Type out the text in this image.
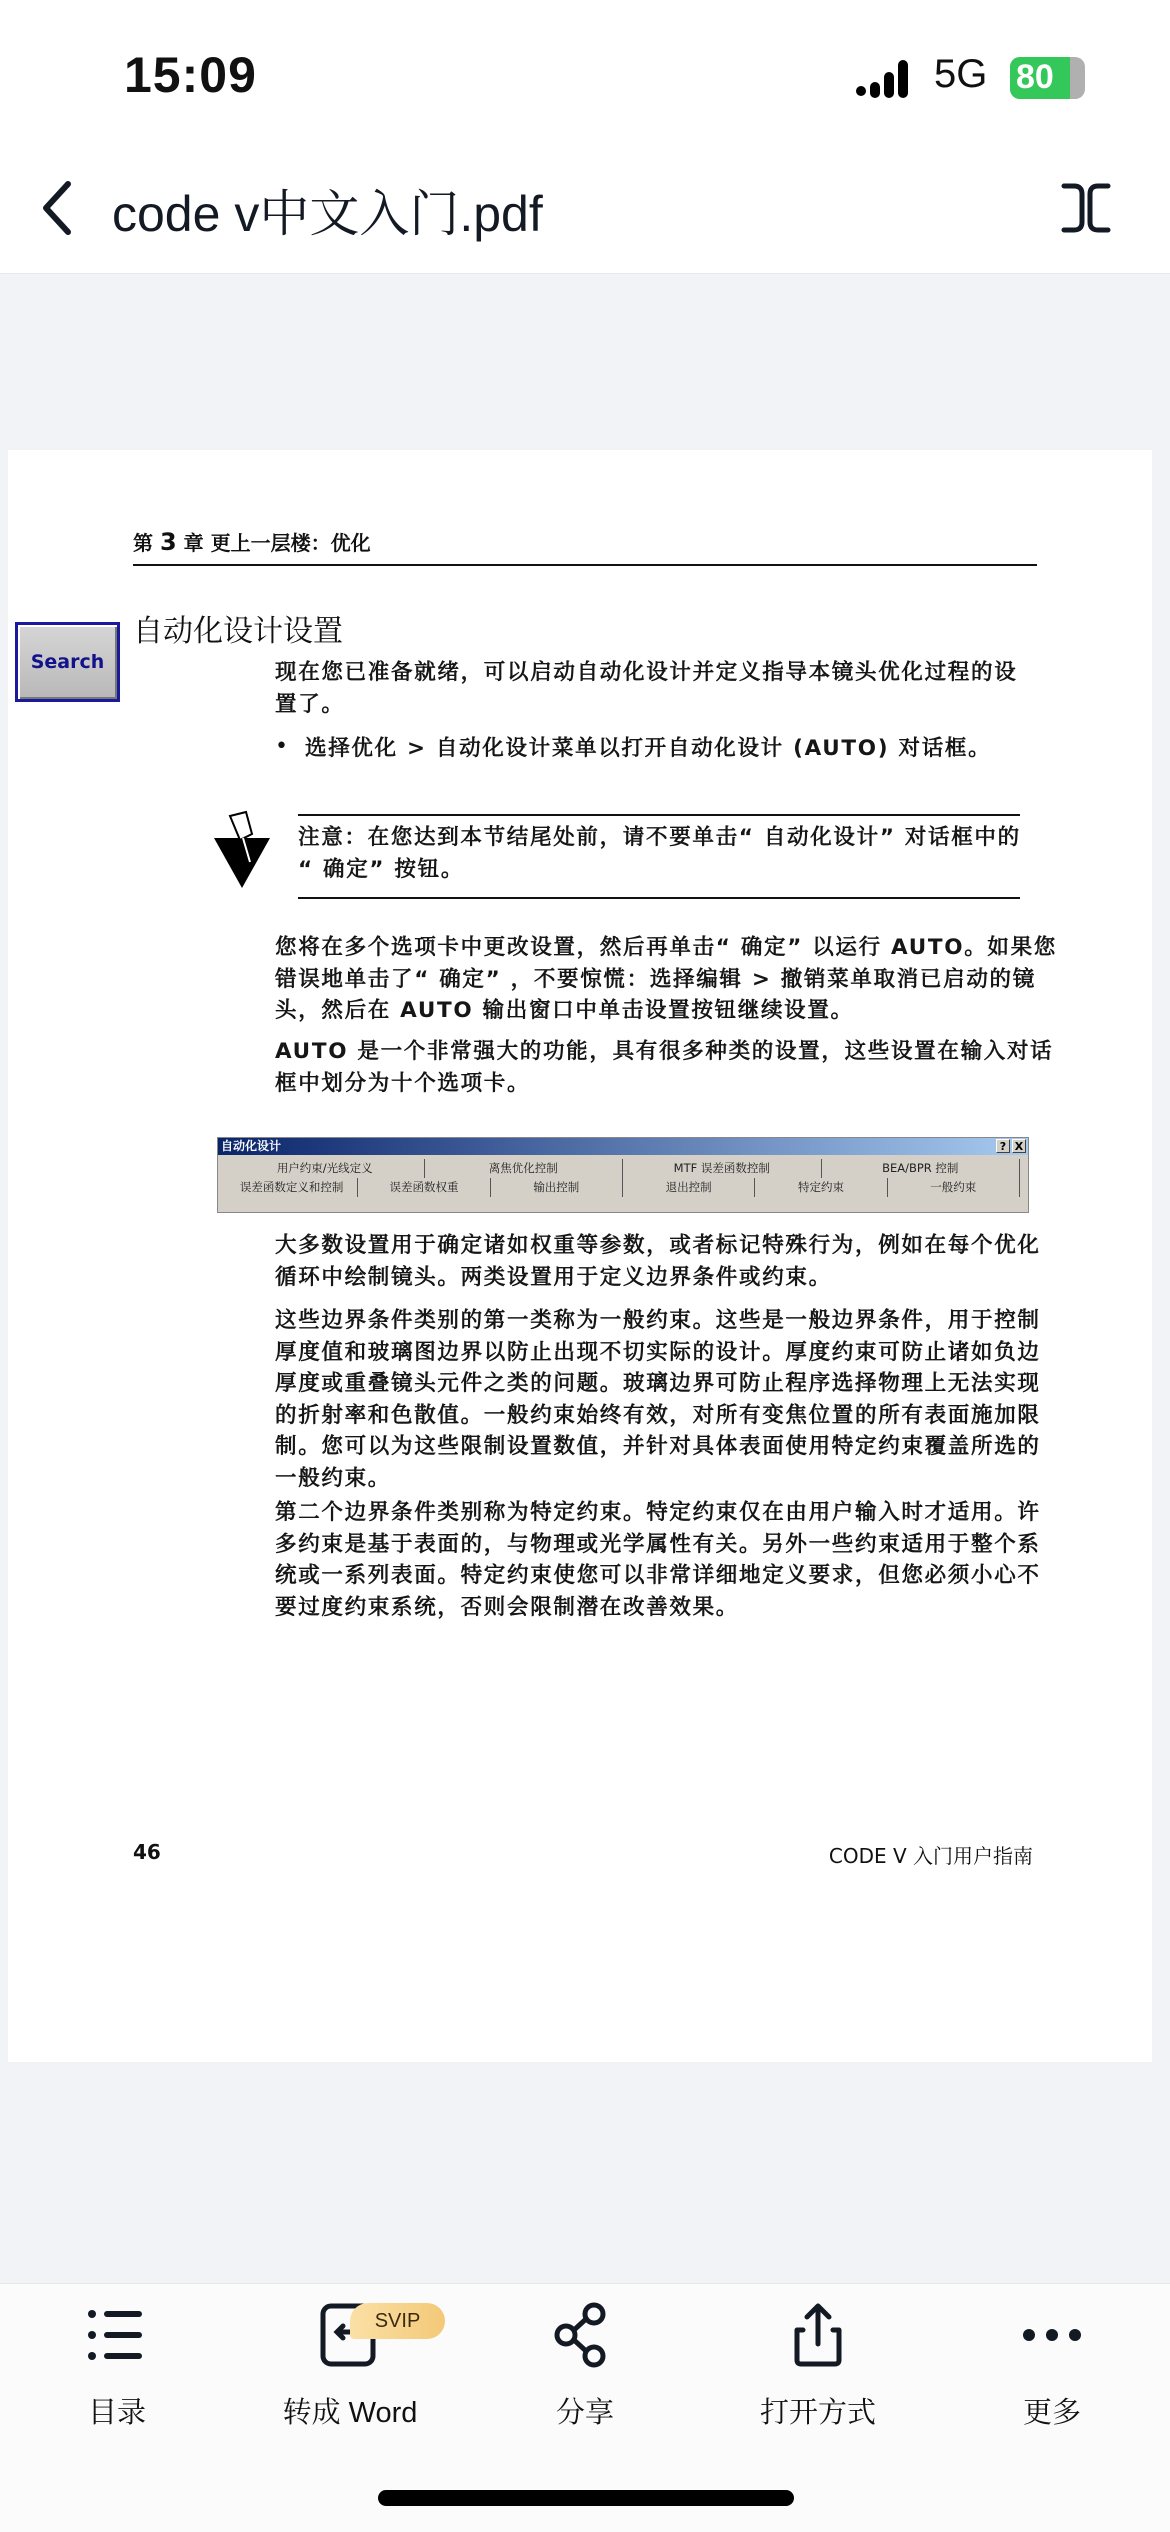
15:09	5G 80
code v中文入门.pdf
第 3 章 更上一层楼：优化
Search
自动化设计设置
现在您已准备就绪，可以启动自动化设计并定义指导本镜头优化过程的设
置了。
• 选择优化 > 自动化设计菜单以打开自动化设计 (AUTO) 对话框。
注意：在您达到本节结尾处前，请不要单击“ 自动化设计” 对话框中的
“ 确定” 按钮。
您将在多个选项卡中更改设置，然后再单击“ 确定” 以运行 AUTO。如果您
错误地单击了“ 确定” ，不要惊慌：选择编辑 > 撤销菜单取消已启动的镜
头，然后在 AUTO 输出窗口中单击设置按钮继续设置。
AUTO 是一个非常强大的功能，具有很多种类的设置，这些设置在输入对话
框中划分为十个选项卡。
自动化设计	? X
用户约束/光线定义	离焦优化控制	MTF 误差函数控制	BEA/BPR 控制
误差函数定义和控制	误差函数权重	输出控制	退出控制	特定约束	一般约束
大多数设置用于确定诸如权重等参数，或者标记特殊行为，例如在每个优化
循环中绘制镜头。两类设置用于定义边界条件或约束。
这些边界条件类别的第一类称为一般约束。这些是一般边界条件，用于控制
厚度值和玻璃图边界以防止出现不切实际的设计。厚度约束可防止诸如负边
厚度或重叠镜头元件之类的问题。玻璃边界可防止程序选择物理上无法实现
的折射率和色散值。一般约束始终有效，对所有变焦位置的所有表面施加限
制。您可以为这些限制设置数值，并针对具体表面使用特定约束覆盖所选的
一般约束。
第二个边界条件类别称为特定约束。特定约束仅在由用户输入时才适用。许
多约束是基于表面的，与物理或光学属性有关。另外一些约束适用于整个系
统或一系列表面。特定约束使您可以非常详细地定义要求，但您必须小心不
要过度约束系统，否则会限制潜在改善效果。
46	CODE V 入门用户指南
目录	转成 Word
SVIP
分享	打开方式	更多
